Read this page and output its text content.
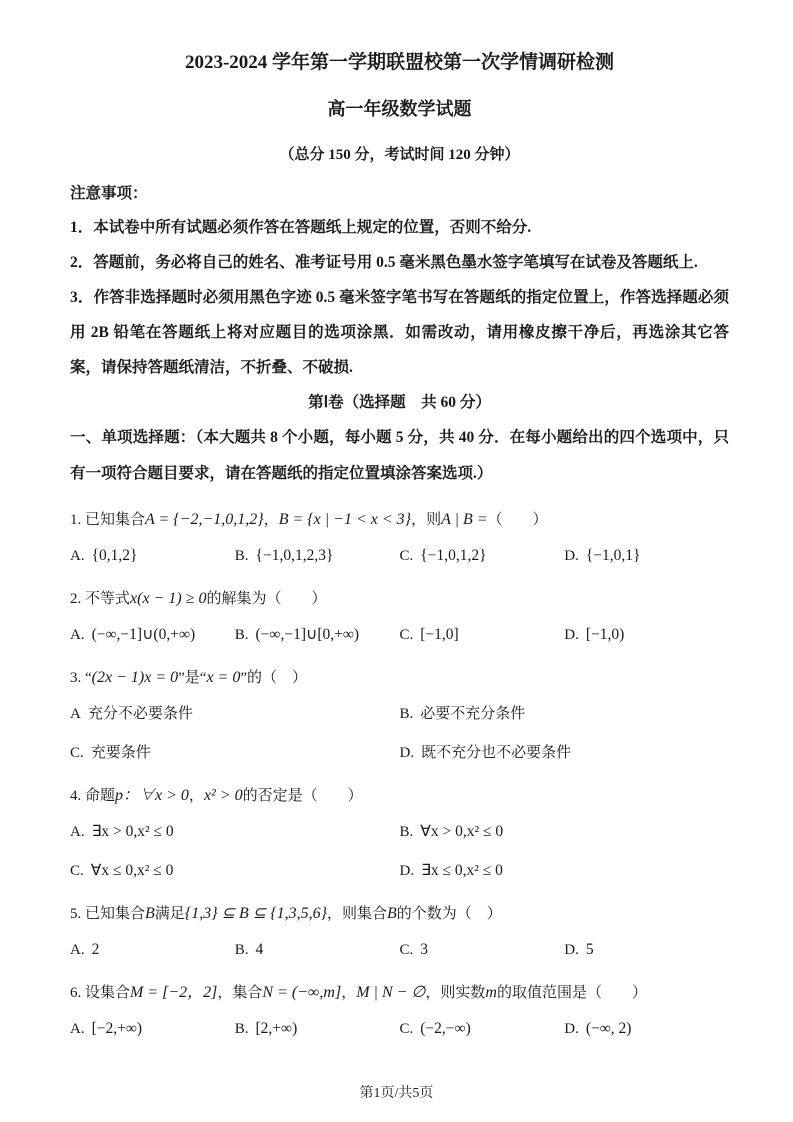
2023-2024 学年第一学期联盟校第一次学情调研检测
高一年级数学试题
（总分 150 分，考试时间 120 分钟）
注意事项：
1．本试卷中所有试题必须作答在答题纸上规定的位置，否则不给分.
2．答题前，务必将自己的姓名、准考证号用 0.5 毫米黑色墨水签字笔填写在试卷及答题纸上.
3．作答非选择题时必须用黑色字迹 0.5 毫米签字笔书写在答题纸的指定位置上，作答选择题必须用 2B 铅笔在答题纸上将对应题目的选项涂黑．如需改动，请用橡皮擦干净后，再选涂其它答案，请保持答题纸清洁，不折叠、不破损.
第Ⅰ卷（选择题　共 60 分）
一、单项选择题：（本大题共 8 个小题，每小题 5 分，共 40 分．在每小题给出的四个选项中，只有一项符合题目要求，请在答题纸的指定位置填涂答案选项.）
1. 已知集合A = {−2,−1,0,1,2}，B = {x | −1 < x < 3}，则A | B =（　　）
A. {0,1,2}	B. {−1,0,1,2,3}	C. {−1,0,1,2}	D. {−1,0,1}
2. 不等式x(x − 1) ≥ 0的解集为（　　）
A. (−∞,−1]∪(0,+∞)	B. (−∞,−1]∪[0,+∞)	C. [−1,0]	D. [−1,0)
3. “(2x − 1)x = 0”是“x = 0”的（　）
A 充分不必要条件	B. 必要不充分条件
C. 充要条件	D. 既不充分也不必要条件
4. 命题p：∀x > 0，x² > 0的否定是（　　）
A. ∃x > 0,x² ≤ 0	B. ∀x > 0,x² ≤ 0
C. ∀x ≤ 0,x² ≤ 0	D. ∃x ≤ 0,x² ≤ 0
5. 已知集合B满足{1,3} ⊆ B ⊆ {1,3,5,6}，则集合B的个数为（　）
A. 2	B. 4	C. 3	D. 5
6. 设集合M = [−2，2]，集合N = (−∞,m]，M | N − ∅，则实数m的取值范围是（　　）
A. [−2,+∞)	B. [2,+∞)	C. (−2,−∞)	D. (−∞, 2)
第1页/共5页
